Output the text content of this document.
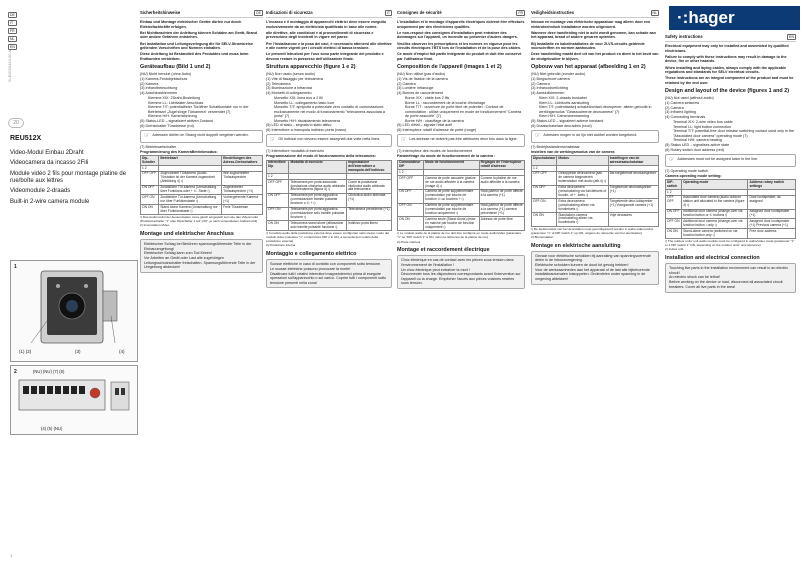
·:hager
6LE0020434.00 A
DE
IT
FR
NL
EN
20
REU512X
Video-Modul Einbau 2Draht
Videocamera da incasso 2Fili
Module vidéo 2 fils pour montage platine de rue/boîte aux lettres
Videomodule 2-draads
Built-in 2-wire camera module
1
(1) (2)	(3)	(4)
2	(NU) (NU) (7) (6)
(4) (5) (NU)
Sicherheitshinweise	DE

Einbau und Montage elektrischer Geräte dürfen nur durch Elektrofachkräfte erfolgen.

Bei Nichtbeachten der Anleitung können Schäden am Gerät, Brand oder andere Gefahren entstehen.

Bei Installation und Leitungsverlegung die für SELV-Stromkreise geltenden Vorschriften und Normen einhalten.

Diese Anleitung ist Bestandteil des Produktes und muss beim Endkunden verbleiben.

Geräteaufbau (Bild 1 und 2)
(NU) Nicht benutzt (ohne Autio)
(1) Kamera-Festobjektschutz
(2) Kamera
(3) Infrarotbeleuchtung
(4) Anschlussklemmen
Klemme XIX: 2Draht-Busleitung
Klemme LL: Lichttaster Anschluss
Klemme T/T: potentialfreier Türöffner Schaltkontakt: nur in der Betriebsart „Zugehörige Türkamera" verwendet (7)
Klemme H/H: Kameraheizung
(5) Status-LED – signalisiert aktiven Zustand
(6) Drehschalter Türadresse (rot)
☞ Adressen dürfen im Strang nicht doppelt vergeben werden.
(7) Betriebsartschalter
Programmierung des KameraBetriebmodus:
Dip-Schalter	Betriebsart	Einstellungen des Adress-Drehschalters
1 2		
OFF OFF	Zugeordnete Türkamera (Audio-Türstation ist der Kamera zugeordnet (Abbildung 4) ¹)	Wie zugeordneter Türlautsprecher
ON OFF	Zusätzliche Tür-kamera (Umschaltung über Funktions-oder + ① -Taste ¹)	Zugeordneter Türlautsprecher (+1)
OFF ON	Zusätzliche Tür-kamera (Umschaltung nur über Funktionstaste ¹)	Vorhergehende Kamera (+1)
ON ON	Stand Alone Kamera (Umschaltung nur über Funktionstaste ¹)	Freie Türadresse
¹) Das Audiomodul der Aussenstation muss gleich eingestellt sein wie das Videomodul (Positionsschalter "1" oder Dipschalter 1 auf „ON", je nach verwendetem Audiomodul)
2) Innenstation-Video
Montage und elektrischer Anschluss
Elektrischer Schlag bei Berühren spannungsführender Teile in der Einbauumgebung!
Elektrischer Schlag kann zum Tod führen!
Vor Arbeiten an Gerät oder Last alle zugehörigen Leitungsschutzschalter freischalten. Spannungsführende Teile in der Umgebung abdecken!
Indicazioni di sicurezza	IT

L'incasso e il montaggio di apparecchi elettrici deve essere eseguito esclusivamente da un elettricista qualificato in base alle norme.

alle direttive, alle condizioni e ai provvedimenti di sicurezza e prevenzione degli incidenti in vigore nel paese.

Per l'installazione e la posa dei cavi, è necessario attenersi alle direttive e alle norme vigenti per i circuiti elettrici di bassa tensione.

Le presenti istruzioni per l'uso sono parte integrante del prodotto e devono restare in possesso dell'utilizzatore finale.

Struttura apparecchio (figure 1 e 2)
(NU) Non usato (senza audio)
(1) Vite di fissaggio per telecamera
(2) Telecamera
(3) Illuminazione a infrarossi
(4) Morsetti di collegamento
Morsetto XIX: linea bus a 2 fili
Morsetto LL: collegamento tasto luce
Morsetto T/T: apriporta a potenziale zero contatto di commutazione: esclusivamente nel modo di funzionamento "telecamera associata a porta" (7)
Morsetto H/H: riscaldamento telecamera
(5) LED di stato – segnala lo stato attivo
(6) Interruttore a manopola indirizzo porta (rosso)
☞ Gli indirizzi non devono essere assegnati due volte nella linea.
(7) Interruttore modalità di esercizio
Programmazione del modo di funzionamento della telecamera:
Interruttore Dip	Modalità di esercizio	Impostazione dell'interruttore a manopola dell'indirizzo
1 2		
OFF OFF	Telecamera per porta associata (postazione citofonica audio abbinata alla telecamera (figura 4) ¹)	Come la postazione citofonica audio abbinata alla telecamera
ON OFF	Telecamera per porta aggiuntiva (commutazione tramite pulsante funzione o ① + ¹)	Citofonica audio abbinata (+1)
OFF ON	Telecamera per porta aggiuntiva (commutazione solo tramite pulsante funzione ¹)	Telecamera precedente (+1)
ON ON	Telecamera stand alone (attivazione solo tramite pulsante funzione ¹)	Indirizzo porta libero
¹) Il modulo audio della postazione esterna deve essere configurato nello stesso modo del modulo video (selettore "1" o interruttore DIP 1 in ON, a seconda del modulo della postazione esterna)
2) Postazione interna
Montaggio e collegamento elettrico
Scosse elettriche in caso di contatto con componenti sotto tensione.
Le scosse elettriche possono provocare la morte!
Disattivare tutti i relativi interruttori magnetotermici prima di eseguire operazioni sull'apparecchio o sul carico. Coprire tutti i componenti sotto tensione presenti nella zona!
Consignes de sécurité	FR

L'installation et le montage d'appareils électriques doivent être effectués uniquement par des électriciens qualifiés.

Le non-respect des consignes d'installation peut entraîner des dommages sur l'appareil, un incendie ou présenter d'autres dangers.

Veuillez observer les prescriptions et les normes en vigueur pour les circuits électriques TBTS lors de l'installation et de la pose des câbles.

Ce mode d'emploi fait partie intégrante du produit et doit être conservé par l'utilisateur final.

Composition de l'appareil (images 1 et 2)
(NU) Non utilisé (pas d'audio)
(1) Vis de fixation de la caméra
(2) Caméra
(3) Lumière infrarouge
(4) Bornes de raccordement
Borne XIX : câble bus 2 fils
Borne LL : raccordement de la touche d'éclairage
Borne T/T : ouverture de porte libre de potentiel : Contact de commutation : utilisé uniquement en mode de fonctionnement "Caméra de porte associée" (7)
Borne H/H : chauffage de la caméra
(5) LED d'état – signale l'état actif
(6) Interrupteur rotatif d'adresse de porte (rouge)
☞ Les adresse ne doivent pas être attribuées deux fois dans la ligne.
(7) Interrupteur des modes de fonctionnement
Paramétrage du mode de fonctionnement de la caméra :
Commutateur DIP	Mode de fonctionnement	Réglages de l'interrupteur rotatif d'adresse
1 2		
OFF OFF	Caméra de porte associée (platine de rue audio affectée à la caméra (image 4) ¹)	Comme la platine de rue audio affectée à la caméra
ON OFF	Caméra de porte supplémentaire (commutation par touche de fonction ① ou touches + ¹)	Haut-parleur de porte affecté à la caméra (+1)
OFF ON	Caméra de porte supplémentaire (commutation par touche de fonction uniquement ¹)	Haut-parleur de porte affecté à la caméra (+1) caméra précédente (+1)
ON ON	Caméra seule (Stand Alone) (mise en marche par touche de fonction uniquement ¹)	Adresse de porte libre
¹) Le module audio de la platine de rue doit être configuré en mode audio/vidéo (paramètre "1" ou "DIP switch 1" à ON, selon la référence de la platine de rue)
2) Poste intérieur
Montage et raccordement électrique
Choc électrique en cas de contact avec les pièces sous tension dans l'environnement de l'installation !
Un choc électrique peut entraîner la mort !
Déconnecter tous les disjoncteurs correspondants avant l'intervention sur l'appareil ou la charge. Empêcher l'accès aux pièces voisines restées sous tension.
Veiligheidsinstructies	NL

Inbouw en montage van elektrische apparatuur mag alleen door een elektrotechnisch installateur worden uitgevoerd.

Wanneer deze handleiding niet in acht wordt genomen, kan schade aan het apparaat, brand of andere gevaren optreden.

Bij installatie en kabelinstallaties de voor ZLVS-circuits geldende voorschriften en normen aanhouden.

Deze handleiding maakt deel uit van het product en dient in het bezit van de eindgebruiker te blijven.

Opbouw van het apparaat (afbeelding 1 en 2)
(NU) Niet gebruikt (zonder audio)
(1) Borgschroef camera
(2) Camera
(3) Infraroodverlichting
(4) Aansluitklemmen
Klem XIX: 2-draads buskabel
Klem LL: Lichttoets aansluiting
Klem T/T: potentiaalvrij schakelcontact deuropener: alleen gebruikt in werkingsmodus "Geassocieerde deurcamera" (7)
Klem H/H: Cameraverwarming
(5) Status-LED – signaleert actieve toestand
(6) Draaischakelaar deuradres (rood)
☞ Adressen mogen in de lijn niet dubbel worden toegekend.
(7) Bedrijfsstandenschakelaar
Instellen van de werkingsmodus van de camera
Dipschakelaar	Modus	Instellingen van de adresdraaischakelaar
1 2		
OFF OFF	Gekoppelde deurcamera (aan de camera toegewezen buitenstation met audio (afb.4) ¹)	Als toegekende deurluidspreker
ON OFF	Extra deurcamera (omschakeling via functietoets of functie- of + -toets ¹)	Toegekende deurluidspreker (+1)
OFF ON	Extra deurcamera (omschakeling alleen via functietoets ¹)	Toegekende deur-luidspreker (+1) Voorgaande camera (+1)
ON ON	Standalone-camera (inschakeling alleen via functietoets ¹)	Vrije deuradres
¹) De audiomodule van het deurstation moet geconfigureerd worden in audio-videomodus (parameter "1" of DIP switch 1" op ON, volgens de referentie van het deurstation)
2) Binnenstation
Montage en elektrische aansluiting
Gevaar voor elektrische schokken bij aanraking van spanningvoerende delen in de inbouwomgeving.
Elektrische schokken kunnen de dood tot gevolg hebben!
Voor de werkzaamheden aan het apparaat of de last alle bijbehorende installatieautomaten loskoppelen. Onderdelen onder spanning in de omgeving afdekken!
Safety instructions	EN

Electrical equipment may only be installed and assembled by qualified electricians.

Failure to comply with these instructions may result in damage to the device, fire or other hazards.

When installing and laying cables, always comply with the applicable regulations and standards for SELV electrical circuits.

These instructions are an integral component of the product and must be retained by the end user.

Design and layout of the device (figures 1 and 2)
(NU) Not used (without audio)
(1) Camera setscrew
(2) Camera
(3) Infrared lighting
(4) Connecting terminals
Terminal XIX: 2-wire video bus cable
Terminal LL: light button connection
Terminal T/T: potential-free door release switching contact used only in the "Associated door camera" operating mode (7)
Terminal H/H: camera heating
(5) Status LED – signalises active state
(6) Rotary switch door address (red)
☞ Addresses must not be assigned twice in the line.
(7) Operating mode switch
Camera operating mode setting:
DIP-switch	Operating mode	Address rotary switch settings
1 2		
OFF OFF	Associated door camera (audio outdoor station unit allocated to the camera (figure 4) ¹)	Door loudspeaker, as assigned
ON OFF	Additional door camera (change-over via function button or ① buttons ¹)	Assigned door loudspeaker (+1)
OFF ON	Additional door camera (change-over via function button ¹ only ¹)	Assigned door loudspeaker (+1) Previous camera (+1)
ON ON	Stand-alone camera (switched on via function button only ¹)	Free door address
¹) The outdoor units' unit audio module must be configured in audio/video mode (parameter "1" or 1 DIP switch 1" ON, depending on the outdoor units' unit reference)
2) Indoor unit
Installation and electrical connection
Touching live parts in the installation environment can result in an electric shock!
An electric shock can be lethal!
Before working on the device or load, disconnect all associated circuit breakers. Cover all live parts in the area!
1
